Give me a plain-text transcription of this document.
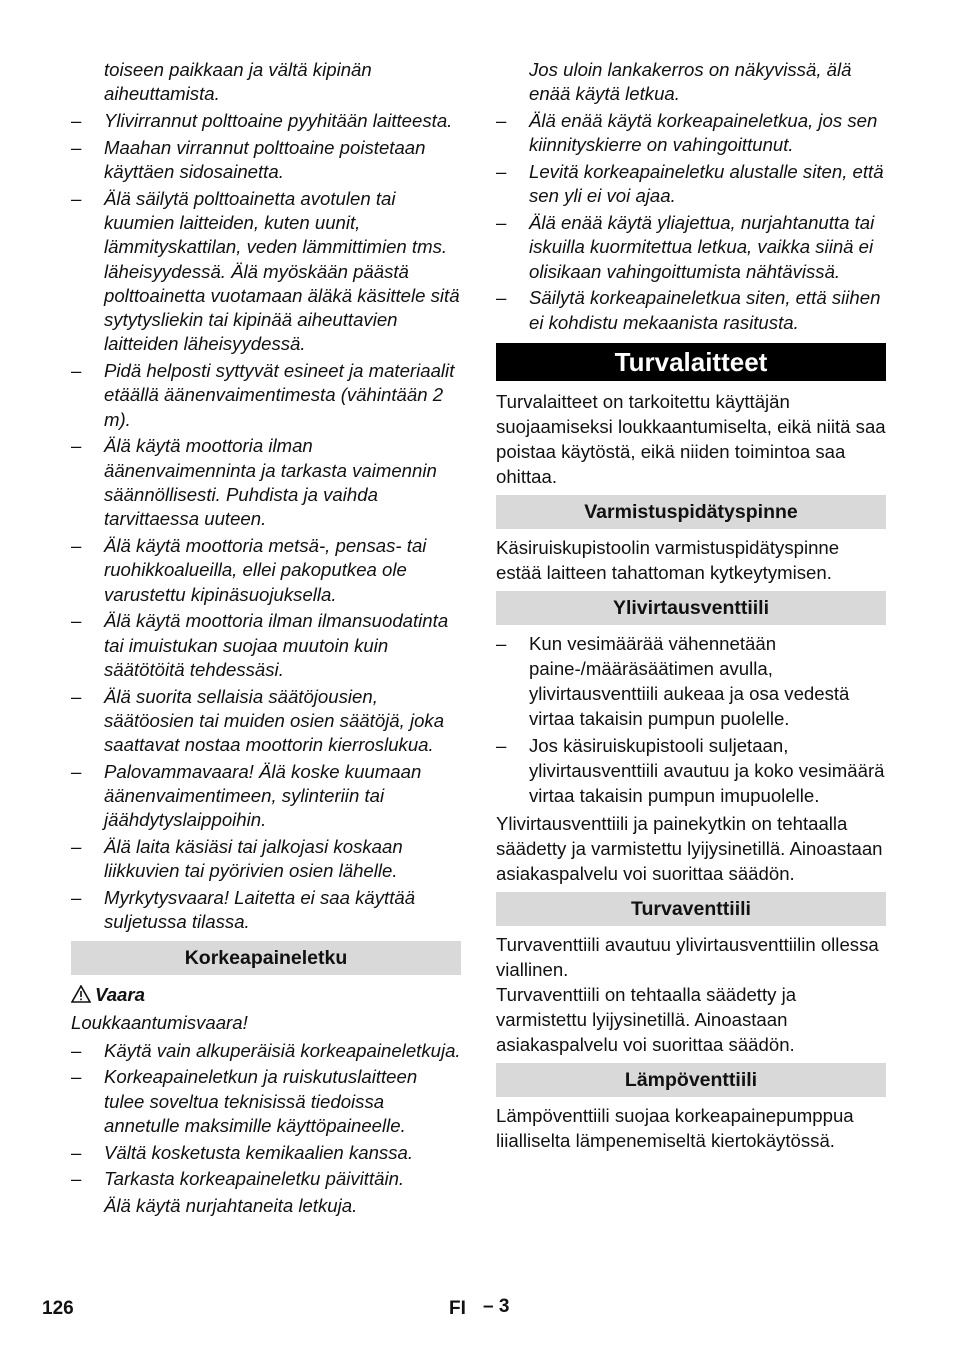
toiseen paikkaan ja vältä kipinän aiheuttamista.
– Ylivirrannut polttoaine pyyhitään laitteesta.
– Maahan virrannut polttoaine poistetaan käyttäen sidosainetta.
– Älä säilytä polttoainetta avotulen tai kuumien laitteiden, kuten uunit, lämmityskattilan, veden lämmittimien tms. läheisyydessä. Älä myöskään päästä polttoainetta vuotamaan äläkä käsittele sitä sytytysliekin tai kipinää aiheuttavien laitteiden läheisyydessä.
– Pidä helposti syttyvät esineet ja materiaalit etäällä äänenvaimentimesta (vähintään 2 m).
– Älä käytä moottoria ilman äänenvaimenninta ja tarkasta vaimennin säännöllisesti. Puhdista ja vaihda tarvittaessa uuteen.
– Älä käytä moottoria metsä-, pensas- tai ruohikkoalueilla, ellei pakoputkea ole varustettu kipinäsuojuksella.
– Älä käytä moottoria ilman ilmansuodatinta tai imuistukan suojaa muutoin kuin säätötöitä tehdessäsi.
– Älä suorita sellaisia säätöjousien, säätöosien tai muiden osien säätöjä, joka saattavat nostaa moottorin kierroslukua.
– Palovammavaara! Älä koske kuumaan äänenvaimentimeen, sylinteriin tai jäähdytyslaippoihin.
– Älä laita käsiäsi tai jalkojasi koskaan liikkuvien tai pyörivien osien lähelle.
– Myrkytysvaara! Laitetta ei saa käyttää suljetussa tilassa.
Korkeapaineletku
Vaara
Loukkaantumisvaara!
– Käytä vain alkuperäisiä korkeapaineletkuja.
– Korkeapaineletkun ja ruiskutuslaitteen tulee soveltua teknisissä tiedoissa annetulle maksimille käyttöpaineelle.
– Vältä kosketusta kemikaalien kanssa.
– Tarkasta korkeapaineletku päivittäin.
Älä käytä nurjahtaneita letkuja.
Jos uloin lankakerros on näkyvissä, älä enää käytä letkua.
– Älä enää käytä korkeapaineletkua, jos sen kiinnityskierre on vahingoittunut.
– Levitä korkeapaineletku alustalle siten, että sen yli ei voi ajaa.
– Älä enää käytä yliajettua, nurjahtanutta tai iskuilla kuormitettua letkua, vaikka siinä ei olisikaan vahingoittumista nähtävissä.
– Säilytä korkeapaineletkua siten, että siihen ei kohdistu mekaanista rasitusta.
Turvalaitteet
Turvalaitteet on tarkoitettu käyttäjän suojaamiseksi loukkaantumiselta, eikä niitä saa poistaa käytöstä, eikä niiden toimintoa saa ohittaa.
Varmistuspidätyspinne
Käsiruiskupistoolin varmistuspidätyspinne estää laitteen tahattoman kytkeytymisen.
Ylivirtausventtiili
– Kun vesimäärää vähennetään paine-/määräsäätimen avulla, ylivirtausventtiili aukeaa ja osa vedestä virtaa takaisin pumpun puolelle.
– Jos käsiruiskupistooli suljetaan, ylivirtausventtiili avautuu ja koko vesimäärä virtaa takaisin pumpun imupuolelle.
Ylivirtausventtiili ja painekytkin on tehtaalla säädetty ja varmistettu lyijysinetillä. Ainoastaan asiakaspalvelu voi suorittaa säädön.
Turvaventtiili
Turvaventtiili avautuu ylivirtausventtiilin ollessa viallinen.
Turvaventtiili on tehtaalla säädetty ja varmistettu lyijysinetillä. Ainoastaan asiakaspalvelu voi suorittaa säädön.
Lämpöventtiili
Lämpöventtiili suojaa korkeapainepumppua liialliselta lämpenemiseltä kiertokäytössä.
126	FI – 3
